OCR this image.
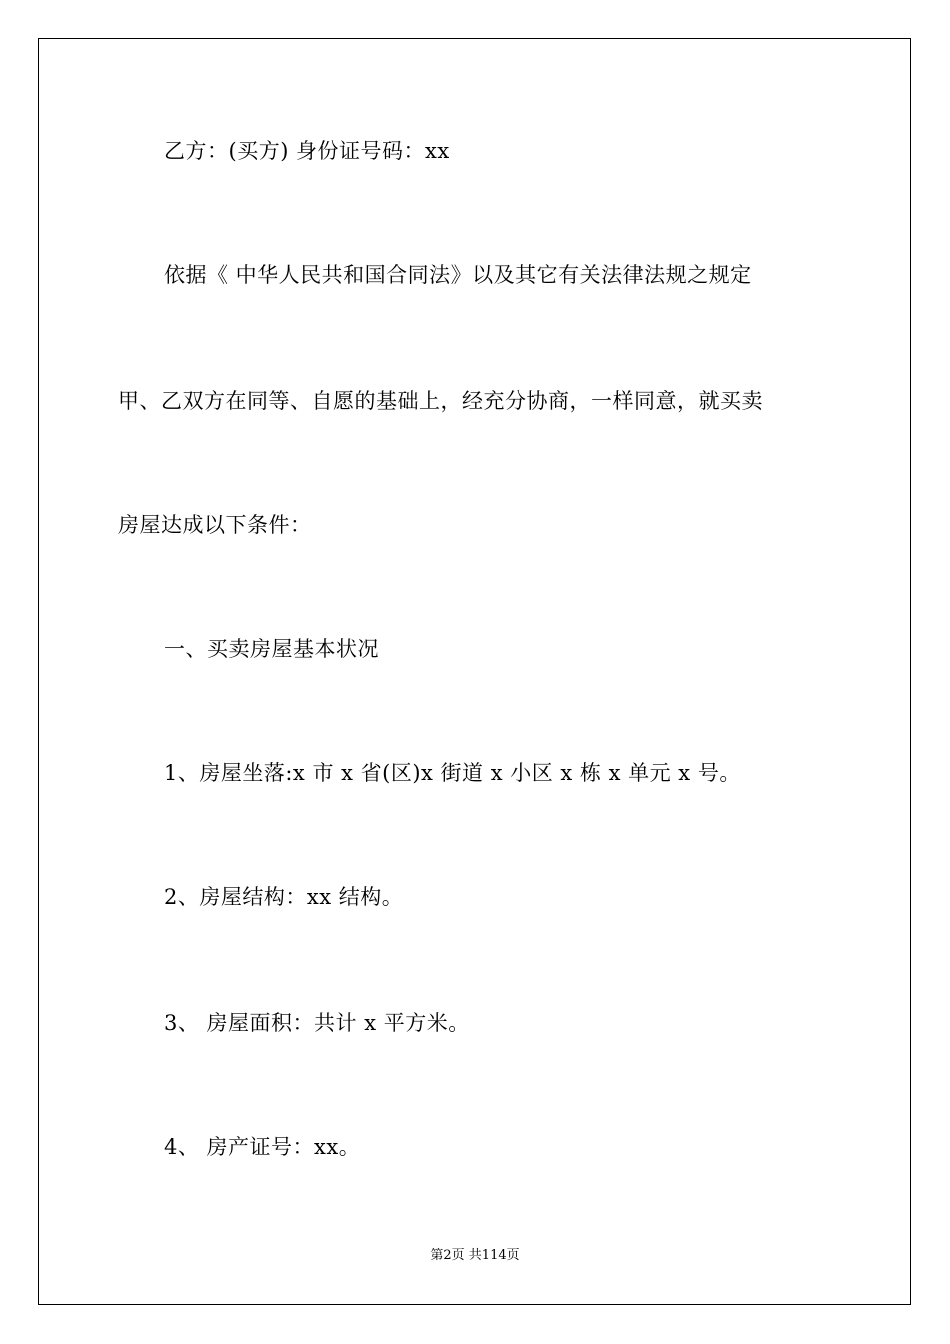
乙方：(买方) 身份证号码：xx
依据《 中华人民共和国合同法》以及其它有关法律法规之规定
甲、乙双方在同等、自愿的基础上，经充分协商，一样同意，就买卖
房屋达成以下条件：
一、买卖房屋基本状况
1、房屋坐落:x 市 x 省(区)x 街道 x 小区 x 栋 x 单元 x 号。
2、房屋结构：xx 结构。
3、 房屋面积：共计 x 平方米。
4、 房产证号：xx。
第2页 共114页
